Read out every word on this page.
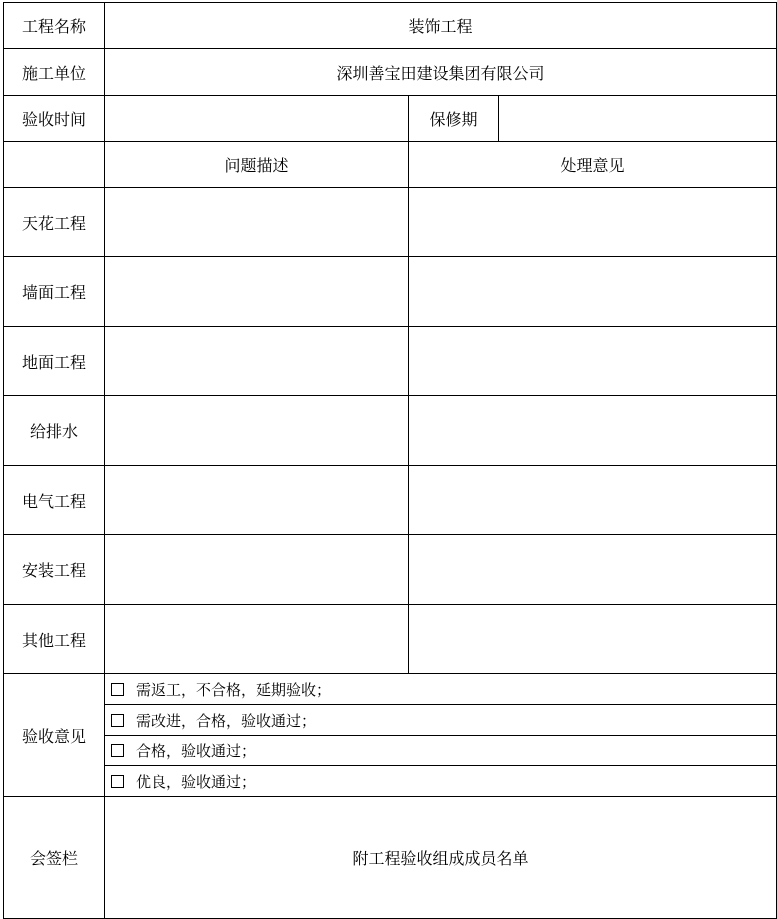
工程名称	装饰工程		
施工单位	深圳善宝田建设集团有限公司		
验收时间		保修期	
	问题描述	处理意见	
天花工程			
墙面工程			
地面工程			
给排水			
电气工程			
安装工程			
其他工程			
验收意见	需返工，不合格，延期验收；		
	需改进，合格，验收通过；		
	合格，验收通过；		
	优良，验收通过；		
会签栏	附工程验收组成成员名单		
